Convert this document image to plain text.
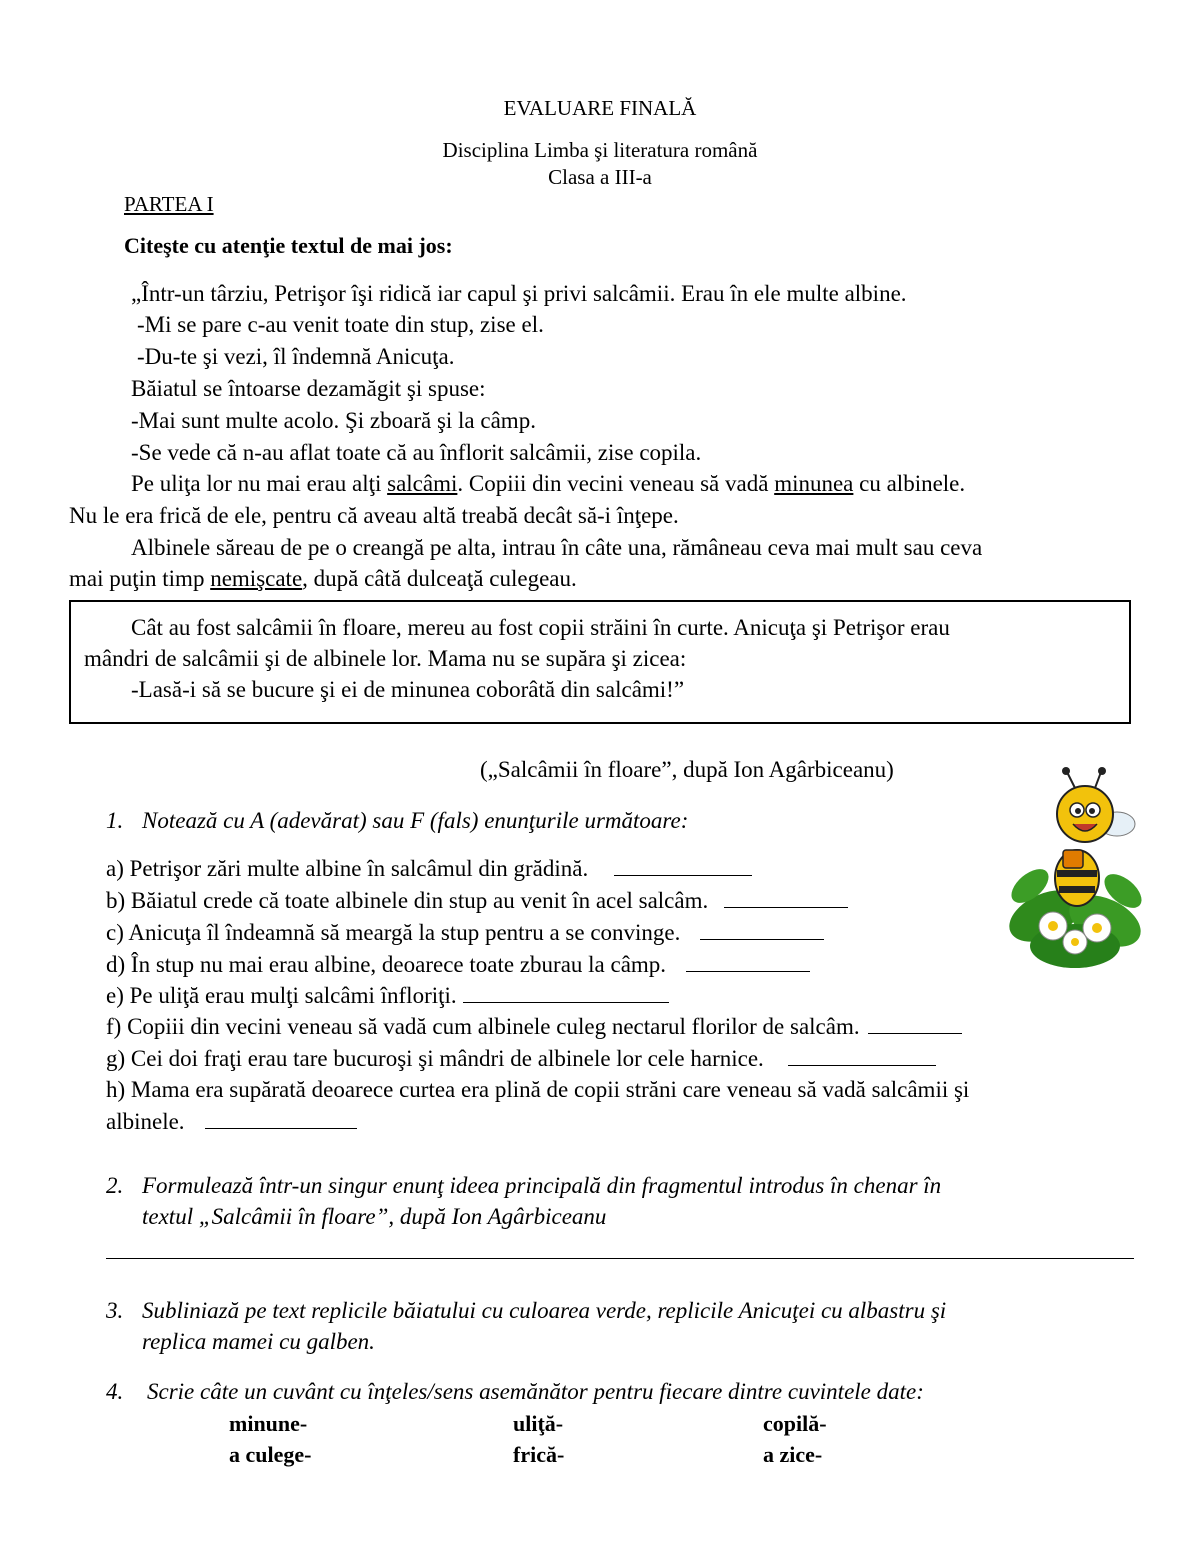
EVALUARE FINALĂ
Disciplina Limba şi literatura română
Clasa a III-a
PARTEA I
Citeşte cu atenţie textul de mai jos:
„Într-un târziu, Petrişor îşi ridică iar capul şi privi salcâmii. Erau în ele multe albine.
-Mi se pare c-au venit toate din stup, zise el.
-Du-te şi vezi, îl îndemnă Anicuţa.
Băiatul se întoarse dezamăgit şi spuse:
-Mai sunt multe acolo. Şi zboară şi la câmp.
-Se vede că n-au aflat toate că au înflorit salcâmii, zise copila.
Pe uliţa lor nu mai erau alţi salcâmi. Copiii din vecini veneau să vadă minunea cu albinele.
Nu le era frică de ele, pentru că aveau altă treabă decât să-i înţepe.
Albinele săreau de pe o creangă pe alta, intrau în câte una, rămâneau ceva mai mult sau ceva
mai puţin timp nemişcate, după câtă dulceaţă culegeau.
Cât au fost salcâmii în floare, mereu au fost copii străini în curte. Anicuţa şi Petrişor erau
mândri de salcâmii şi de albinele lor. Mama nu se supăra şi zicea:
-Lasă-i să se bucure şi ei de minunea coborâtă din salcâmi!”
(„Salcâmii în floare”, după Ion Agârbiceanu)
1. Notează cu A (adevărat) sau F (fals) enunţurile următoare:
a) Petrişor zări multe albine în salcâmul din grădină.
b) Băiatul crede că toate albinele din stup au venit în acel salcâm.
c) Anicuţa îl îndeamnă să meargă la stup pentru a se convinge.
d) În stup nu mai erau albine, deoarece toate zburau la câmp.
e) Pe uliţă erau mulţi salcâmi înfloriţi.
f) Copiii din vecini veneau să vadă cum albinele culeg nectarul florilor de salcâm.
g) Cei doi fraţi erau tare bucuroşi şi mândri de albinele lor cele harnice.
h) Mama era supărată deoarece curtea era plină de copii străni care veneau să vadă salcâmii şi
albinele.
2. Formulează într-un singur enunţ ideea principală din fragmentul introdus în chenar în
textul „Salcâmii în floare”, după Ion Agârbiceanu
3. Subliniază pe text replicile băiatului cu culoarea verde, replicile Anicuţei cu albastru şi
replica mamei cu galben.
4. Scrie câte un cuvânt cu înţeles/sens asemănător pentru fiecare dintre cuvintele date:
minune-	uliţă-	copilă-
a culege-	frică-	a zice-
